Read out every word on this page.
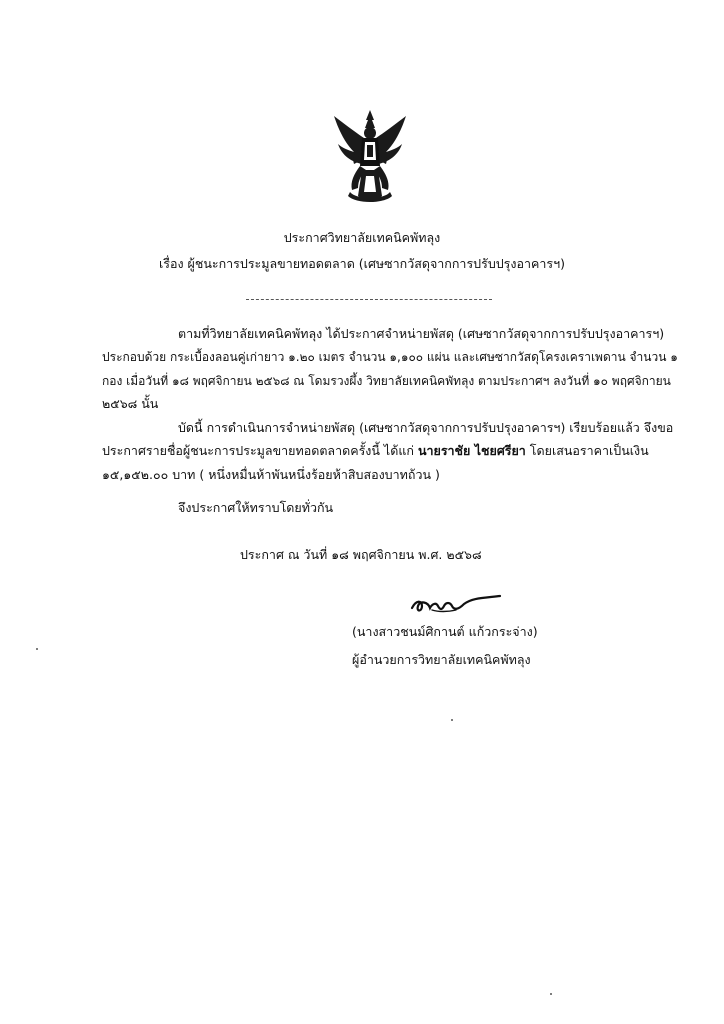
ประกาศวิทยาลัยเทคนิคพัทลุง
เรื่อง ผู้ชนะการประมูลขายทอดตลาด (เศษซากวัสดุจากการปรับปรุงอาคารฯ)
ตามที่วิทยาลัยเทคนิคพัทลุง ได้ประกาศจำหน่ายพัสดุ (เศษซากวัสดุจากการปรับปรุงอาคารฯ)
ประกอบด้วย กระเบื้องลอนคู่เก่ายาว ๑.๒๐ เมตร จำนวน ๑,๑๐๐ แผ่น และเศษซากวัสดุโครงเคราเพดาน จำนวน ๑
กอง เมื่อวันที่ ๑๘ พฤศจิกายน ๒๕๖๘ ณ โดมรวงผึ้ง วิทยาลัยเทคนิคพัทลุง ตามประกาศฯ ลงวันที่ ๑๐ พฤศจิกายน
๒๕๖๘ นั้น
บัดนี้ การดำเนินการจำหน่ายพัสดุ (เศษซากวัสดุจากการปรับปรุงอาคารฯ) เรียบร้อยแล้ว จึงขอ
ประกาศรายชื่อผู้ชนะการประมูลขายทอดตลาดครั้งนี้ ได้แก่ นายราชัย ไชยศรียา โดยเสนอราคาเป็นเงิน
๑๕,๑๕๒.๐๐ บาท ( หนึ่งหมื่นห้าพันหนึ่งร้อยห้าสิบสองบาทถ้วน )
จึงประกาศให้ทราบโดยทั่วกัน
ประกาศ ณ วันที่ ๑๘ พฤศจิกายน พ.ศ. ๒๕๖๘
(นางสาวชนม์ศิกานต์ แก้วกระจ่าง)
ผู้อำนวยการวิทยาลัยเทคนิคพัทลุง
